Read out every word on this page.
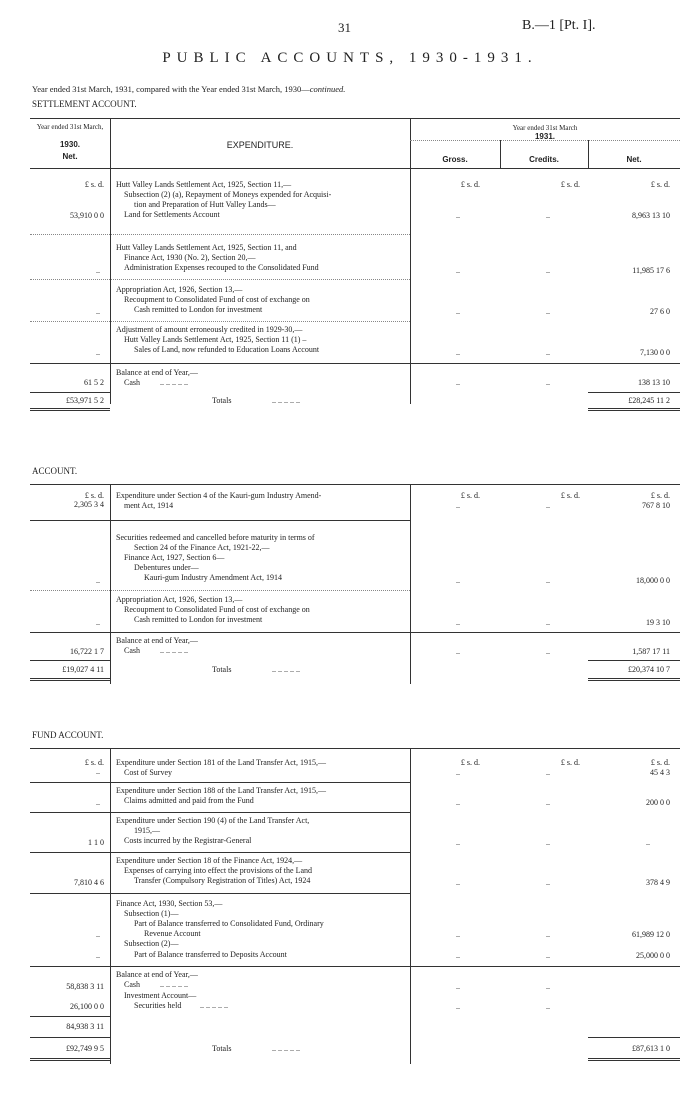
31	B.—1 [Pt. I].
PUBLIC ACCOUNTS, 1930-1931.
Year ended 31st March, 1931, compared with the Year ended 31st March, 1930—continued.
SETTLEMENT ACCOUNT.
Year ended 31st March,
1930.
Net.
EXPENDITURE.
Year ended 31st March
1931.
Gross.	Credits.	Net.
£ s. d.	£ s. d.	£ s. d.	£ s. d.
Hutt Valley Lands Settlement Act, 1925, Section 11,—
Subsection (2) (a), Repayment of Moneys expended for Acquisi-
tion and Preparation of Hutt Valley Lands—
Land for Settlements Account
53,910 0 0	..	..	8,963 13 10
Hutt Valley Lands Settlement Act, 1925, Section 11, and
Finance Act, 1930 (No. 2), Section 20,—
Administration Expenses recouped to the Consolidated Fund
..	..	..	11,985 17 6
Appropriation Act, 1926, Section 13,—
Recoupment to Consolidated Fund of cost of exchange on
Cash remitted to London for investment
..	..	..	27 6 0
Adjustment of amount erroneously credited in 1929-30,—
Hutt Valley Lands Settlement Act, 1925, Section 11 (1) –
Sales of Land, now refunded to Education Loans Account
..	..	..	7,130 0 0
Balance at end of Year,—
Cash	.. .. .. .. ..
61 5 2	..	..	138 13 10
£53,971 5 2	Totals	.. .. .. .. ..	£28,245 11 2
ACCOUNT.
£ s. d.
2,305 3 4
Expenditure under Section 4 of the Kauri-gum Industry Amend-
ment Act, 1914
£ s. d.	£ s. d.	£ s. d.
..	..	767 8 10
Securities redeemed and cancelled before maturity in terms of
Section 24 of the Finance Act, 1921-22,—
Finance Act, 1927, Section 6—
Debentures under—
Kauri-gum Industry Amendment Act, 1914
..	..	..	18,000 0 0
Appropriation Act, 1926, Section 13,—
Recoupment to Consolidated Fund of cost of exchange on
Cash remitted to London for investment
..	..	..	19 3 10
Balance at end of Year,—
Cash	.. .. .. .. ..
16,722 1 7	..	..	1,587 17 11
£19,027 4 11	Totals	.. .. .. .. ..	£20,374 10 7
FUND ACCOUNT.
£ s. d.
..
Expenditure under Section 181 of the Land Transfer Act, 1915,—
Cost of Survey
£ s. d.	£ s. d.	£ s. d.
..	..	45 4 3
Expenditure under Section 188 of the Land Transfer Act, 1915,—
Claims admitted and paid from the Fund
..	..	..	200 0 0
Expenditure under Section 190 (4) of the Land Transfer Act,
1915,—
Costs incurred by the Registrar-General
1 1 0	..	..	..
Expenditure under Section 18 of the Finance Act, 1924,—
Expenses of carrying into effect the provisions of the Land
Transfer (Compulsory Registration of Titles) Act, 1924
7,810 4 6	..	..	378 4 9
Finance Act, 1930, Section 53,—
Subsection (1)—
Part of Balance transferred to Consolidated Fund, Ordinary
Revenue Account
..	..	..	61,989 12 0
Subsection (2)—
Part of Balance transferred to Deposits Account
..	..	..	25,000 0 0
Balance at end of Year,—
Cash	.. .. .. .. ..
58,838 3 11	..	..
Investment Account—
Securities held .. .. .. .. ..
26,100 0 0	..	..
84,938 3 11
£92,749 9 5	Totals	.. .. .. .. ..	£87,613 1 0
